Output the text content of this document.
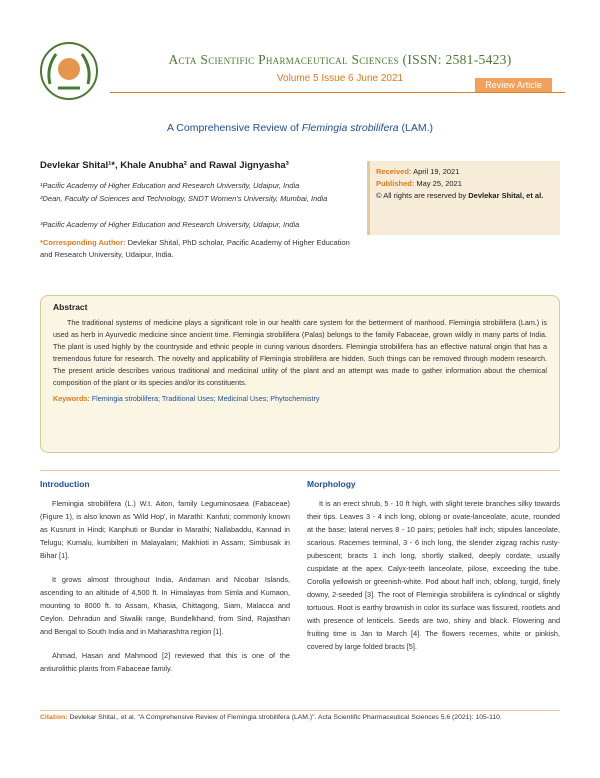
Acta Scientific Pharmaceutical Sciences (ISSN: 2581-5423)
Volume 5 Issue 6 June 2021
Review Article
A Comprehensive Review of Flemingia strobilifera (LAM.)
Devlekar Shital¹*, Khale Anubha² and Rawal Jignyasha³
¹Pacific Academy of Higher Education and Research University, Udaipur, India
²Dean, Faculty of Sciences and Technology, SNDT Women's University, Mumbai, India
³Pacific Academy of Higher Education and Research University, Udaipur, India
*Corresponding Author: Devlekar Shital, PhD scholar, Pacific Academy of Higher Education and Research University, Udaipur, India.
Received: April 19, 2021
Published: May 25, 2021
© All rights are reserved by Devlekar Shital, et al.
Abstract
The traditional systems of medicine plays a significant role in our health care system for the betterment of manhood. Flemingia strobilifera (Lam.) is used as herb in Ayurvedic medicine since ancient time. Flemingia strobilifera (Palas) belongs to the family Fabaceae, grown wildly in many parts of India. The plant is used highly by the countryside and ethnic people in curing various disorders. Flemingia strobilifera has an effective natural origin that has a tremendous future for research. The novelty and applicability of Flemingia strobilifera are hidden. Such things can be removed through modern research. The present article describes various traditional and medicinal utility of the plant and an attempt was made to gather information about the chemical composition of the plant or its species and/or its constituents.
Keywords: Flemingia strobilifera; Traditional Uses; Medicinal Uses; Phytochemistry
Introduction

Flemingia strobilifera (L.) W.t. Aiton, family Leguminosaea (Fabaceae) (Figure 1), is also known as 'Wild Hop', in Marathi: Kanfuti; commonly known as Kusrunt in Hindi; Kanphuti or Bundar in Marathi; Nallabaddu, Kannad in Telugu; Kumalu, kumbilteri in Malayalam; Makhioti in Assam; Simbusak in Bihar [1].

It grows almost throughout India, Andaman and Nicobar Islands, ascending to an altitude of 4,500 ft. In Himalayas from Simla and Kumaon, mounting to 8000 ft. to Assam, Khasia, Chittagong, Siam, Malacca and Ceylon. Dehradun and Siwalik range, Bundelkhand, from Sind, Rajasthan and Bengal to South India and in Maharashtra region [1].

Ahmad, Hasan and Mahmood [2] reviewed that this is one of the antiurolithic plants from Fabaceae family.

Morphology

It is an erect shrub, 5 - 10 ft high, with slight terete branches silky towards their tips. Leaves 3 - 4 inch long, oblong or ovate-lanceolate, acute, rounded at the base; lateral nerves 8 - 10 pairs; petioles half inch; stipules lanceolate, scarious. Racemes terminal, 3 - 6 inch long, the slender zigzag rachis rusty-pubescent; bracts 1 inch long, shortly stalked, deeply cordate, usually cuspidate at the apex. Calyx-teeth lanceolate, pilose, exceeding the tube. Corolla yellowish or greenish-white. Pod about half inch, oblong, turgid, finely downy, 2-seeded [3]. The root of Flemingia strobilifera is cylindrical or slightly tortuous. Root is earthy brownish in color its surface was fissured, rootlets and with presence of lenticels. Seeds are two, shiny and black. Flowering and fruiting time is Jan to March [4]. The flowers recemes, white or pinkish, covered by large folded bracts [5].

Citation: Devlekar Shital., et al. "A Comprehensive Review of Flemingia strobilifera (LAM.)". Acta Scientific Pharmaceutical Sciences 5.6 (2021): 105-110.
